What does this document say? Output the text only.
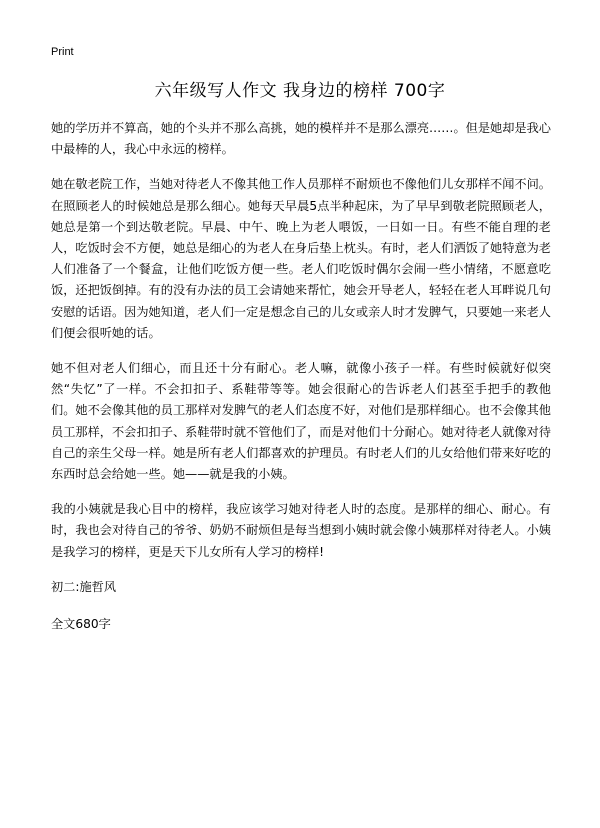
Print
六年级写人作文 我身边的榜样 700字

她的学历并不算高，她的个头并不那么高挑，她的模样并不是那么漂亮……。但是她却是我心中最棒的人，我心中永远的榜样。

她在敬老院工作，当她对待老人不像其他工作人员那样不耐烦也不像他们儿女那样不闻不问。在照顾老人的时候她总是那么细心。她每天早晨5点半种起床，为了早早到敬老院照顾老人，她总是第一个到达敬老院。早晨、中午、晚上为老人喂饭，一日如一日。有些不能自理的老人，吃饭时会不方便，她总是细心的为老人在身后垫上枕头。有时，老人们洒饭了她特意为老人们准备了一个餐盒，让他们吃饭方便一些。老人们吃饭时偶尔会闹一些小情绪，不愿意吃饭，还把饭倒掉。有的没有办法的员工会请她来帮忙，她会开导老人，轻轻在老人耳畔说几句安慰的话语。因为她知道，老人们一定是想念自己的儿女或亲人时才发脾气，只要她一来老人们便会很听她的话。

她不但对老人们细心，而且还十分有耐心。老人嘛，就像小孩子一样。有些时候就好似突然“失忆”了一样。不会扣扣子、系鞋带等等。她会很耐心的告诉老人们甚至手把手的教他们。她不会像其他的员工那样对发脾气的老人们态度不好，对他们是那样细心。也不会像其他员工那样，不会扣扣子、系鞋带时就不管他们了，而是对他们十分耐心。她对待老人就像对待自己的亲生父母一样。她是所有老人们都喜欢的护理员。有时老人们的儿女给他们带来好吃的东西时总会给她一些。她——就是我的小姨。

我的小姨就是我心目中的榜样，我应该学习她对待老人时的态度。是那样的细心、耐心。有时，我也会对待自己的爷爷、奶奶不耐烦但是每当想到小姨时就会像小姨那样对待老人。小姨是我学习的榜样，更是天下儿女所有人学习的榜样!

初二:施哲风

全文680字
